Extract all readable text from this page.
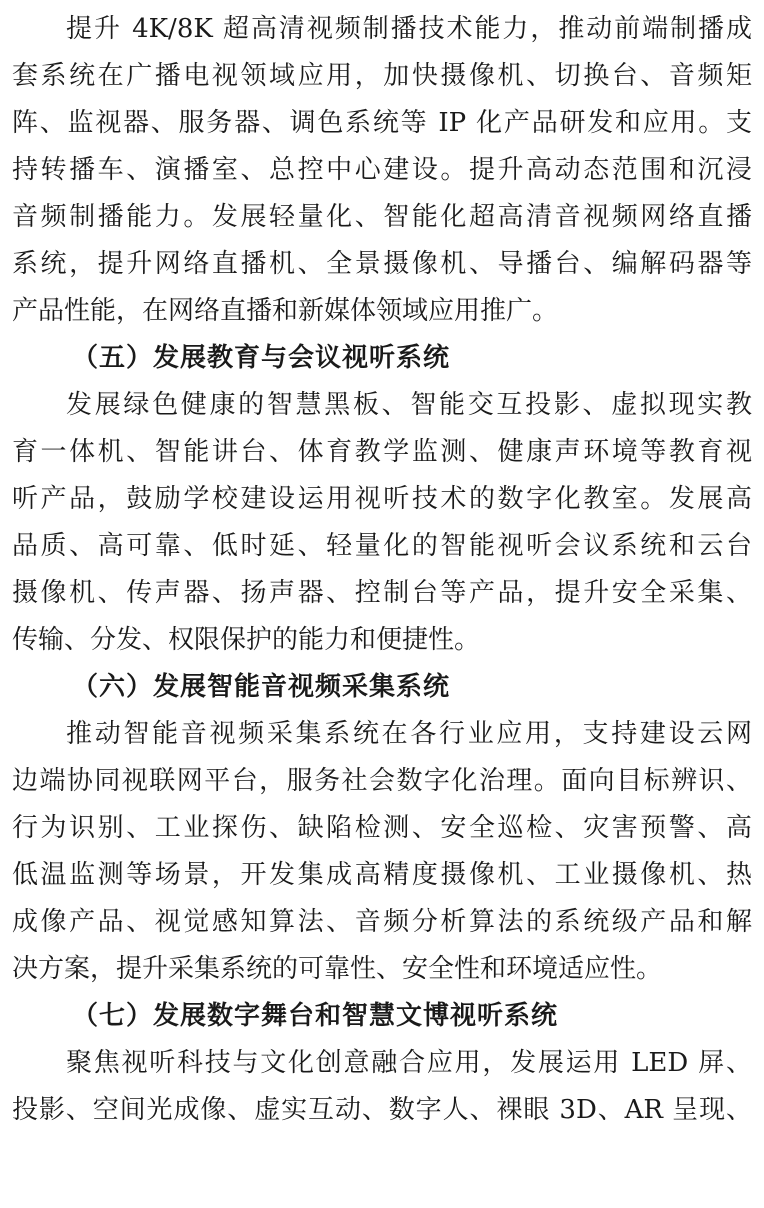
提升 4K/8K 超高清视频制播技术能力，推动前端制播成
套系统在广播电视领域应用，加快摄像机、切换台、音频矩
阵、监视器、服务器、调色系统等 IP 化产品研发和应用。支
持转播车、演播室、总控中心建设。提升高动态范围和沉浸
音频制播能力。发展轻量化、智能化超高清音视频网络直播
系统，提升网络直播机、全景摄像机、导播台、编解码器等
产品性能，在网络直播和新媒体领域应用推广。
（五）发展教育与会议视听系统
发展绿色健康的智慧黑板、智能交互投影、虚拟现实教
育一体机、智能讲台、体育教学监测、健康声环境等教育视
听产品，鼓励学校建设运用视听技术的数字化教室。发展高
品质、高可靠、低时延、轻量化的智能视听会议系统和云台
摄像机、传声器、扬声器、控制台等产品，提升安全采集、
传输、分发、权限保护的能力和便捷性。
（六）发展智能音视频采集系统
推动智能音视频采集系统在各行业应用，支持建设云网
边端协同视联网平台，服务社会数字化治理。面向目标辨识、
行为识别、工业探伤、缺陷检测、安全巡检、灾害预警、高
低温监测等场景，开发集成高精度摄像机、工业摄像机、热
成像产品、视觉感知算法、音频分析算法的系统级产品和解
决方案，提升采集系统的可靠性、安全性和环境适应性。
（七）发展数字舞台和智慧文博视听系统
聚焦视听科技与文化创意融合应用，发展运用 LED 屏、
投影、空间光成像、虚实互动、数字人、裸眼 3D、AR 呈现、
